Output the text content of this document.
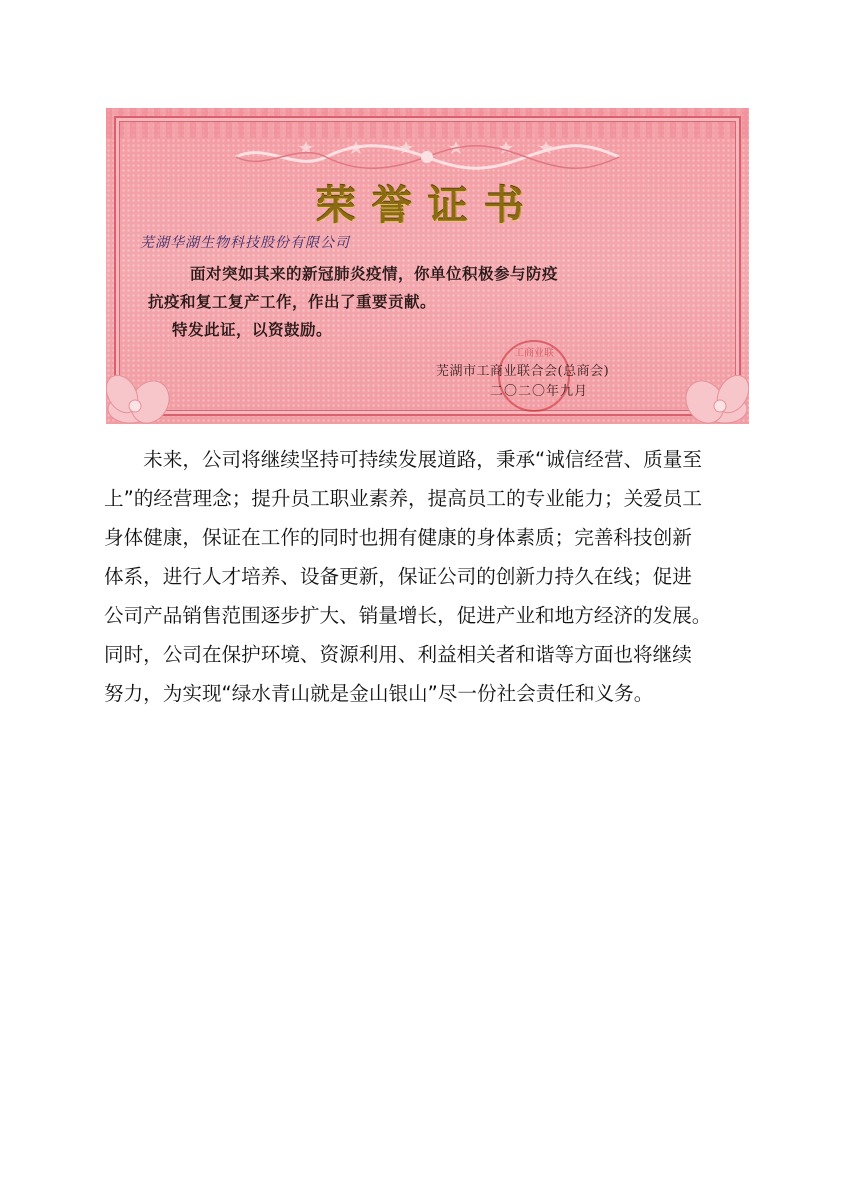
荣誉证书
芜湖华湖生物科技股份有限公司
面对突如其来的新冠肺炎疫情，你单位积极参与防疫
抗疫和复工复产工作，作出了重要贡献。
特发此证，以资鼓励。
工商业联
芜湖市工商业联合会(总商会)
二〇二〇年九月
　　未来，公司将继续坚持可持续发展道路，秉承“诚信经营、质量至
上”的经营理念；提升员工职业素养，提高员工的专业能力；关爱员工
身体健康，保证在工作的同时也拥有健康的身体素质；完善科技创新
体系，进行人才培养、设备更新，保证公司的创新力持久在线；促进
公司产品销售范围逐步扩大、销量增长，促进产业和地方经济的发展。
同时，公司在保护环境、资源利用、利益相关者和谐等方面也将继续
努力，为实现“绿水青山就是金山银山”尽一份社会责任和义务。
